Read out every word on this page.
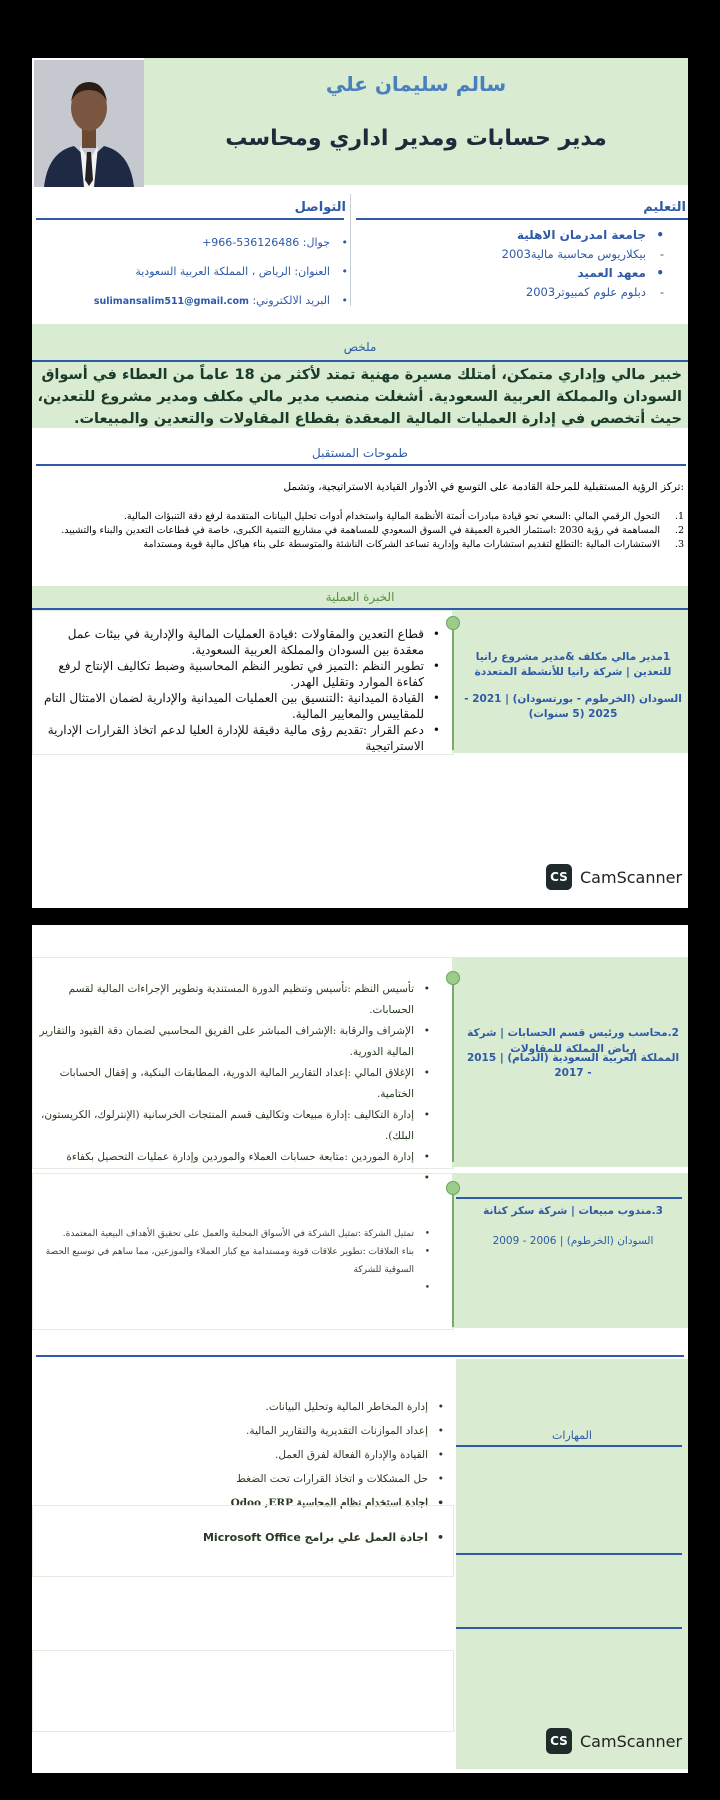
سالم سليمان علي
مدير حسابات ومدير اداري ومحاسب
التعليم
• جامعة امدرمان الاهلية
- بيكلاريوس محاسبة مالية2003
• معهد العميد
- دبلوم علوم كمبيوتر2003
التواصل
• جوال: 536126486-966+
• العنوان: الرياض ، المملكة العربية السعودية
• البريد الالكتروني: sulimansalim511@gmail.com
ملخص
خبير مالي وإداري متمكن، أمتلك مسيرة مهنية تمتد لأكثر من 18 عاماً من العطاء في أسواق السودان والمملكة العربية السعودية. أشغلت منصب مدير مالي مكلف ومدير مشروع للتعدين، حيث أتخصص في إدارة العمليات المالية المعقدة بقطاع المقاولات والتعدين والمبيعات.
طموحات المستقبل
:تركز الرؤية المستقبلية للمرحلة القادمة على التوسع في الأدوار القيادية الاستراتيجية، وتشمل
1.
التحول الرقمي المالي :السعي نحو قيادة مبادرات أتمتة الأنظمة المالية واستخدام أدوات تحليل البيانات المتقدمة لرفع دقة التنبؤات المالية.
2.
المساهمة في رؤية 2030 :استثمار الخبرة العميقة في السوق السعودي للمساهمة في مشاريع التنمية الكبرى، خاصة في قطاعات التعدين والبناء والتشييد.
3.
الاستشارات المالية :التطلع لتقديم استشارات مالية وإدارية تساعد الشركات الناشئة والمتوسطة على بناء هياكل مالية قوية ومستدامة
الخبرة العملية
1مدير مالي مكلف &مدير مشروع رانيا للتعدين | شركة رانيا للأنشطة المتعددة
السودان (الخرطوم - بورتسودان) | 2021 - 2025 (5 سنوات)
• قطاع التعدين والمقاولات :قيادة العمليات المالية والإدارية في بيئات عمل معقدة بين السودان والمملكة العربية السعودية.
• تطوير النظم :التميز في تطوير النظم المحاسبية وضبط تكاليف الإنتاج لرفع كفاءة الموارد وتقليل الهدر.
• القيادة الميدانية :التنسيق بين العمليات الميدانية والإدارية لضمان الامتثال التام للمقاييس والمعايير المالية.
• دعم القرار :تقديم رؤى مالية دقيقة للإدارة العليا لدعم اتخاذ القرارات الإدارية الاستراتيجية
CS CamScanner
2.محاسب ورئيس قسم الحسابات | شركة رياض المملكة للمقاولات
المملكة العربية السعودية (الدمام) | 2015 - 2017
• تأسيس النظم :تأسيس وتنظيم الدورة المستندية وتطوير الإجراءات المالية لقسم الحسابات.
• الإشراف والرقابة :الإشراف المباشر على الفريق المحاسبي لضمان دقة القيود والتقارير المالية الدورية.
• الإغلاق المالي :إعداد التقارير المالية الدورية، المطابقات البنكية، و إقفال الحسابات الختامية.
• إدارة التكاليف :إدارة مبيعات وتكاليف قسم المنتجات الخرسانية (الإنترلوك، الكريستون، البلك).
• إدارة الموردين :متابعة حسابات العملاء والموردين وإدارة عمليات التحصيل بكفاءة
•
3.مندوب مبيعات | شركة سكر كنانة
السودان (الخرطوم) | 2006 - 2009
• تمثيل الشركة :تمثيل الشركة في الأسواق المحلية والعمل على تحقيق الأهداف البيعية المعتمدة.
• بناء العلاقات :تطوير علاقات قوية ومستدامة مع كبار العملاء والموزعين، مما ساهم في توسيع الحصة السوقية للشركة
•
المهارات
• إدارة المخاطر المالية وتحليل البيانات.
• إعداد الموازنات التقديرية والتقارير المالية.
• القيادة والإدارة الفعالة لفرق العمل.
• حل المشكلات و اتخاذ القرارات تحت الضغط
• اجادة استخدام نظام المحاسبة Odoo ,ERP
• اجادة العمل علي برامج Microsoft Office
CS CamScanner
